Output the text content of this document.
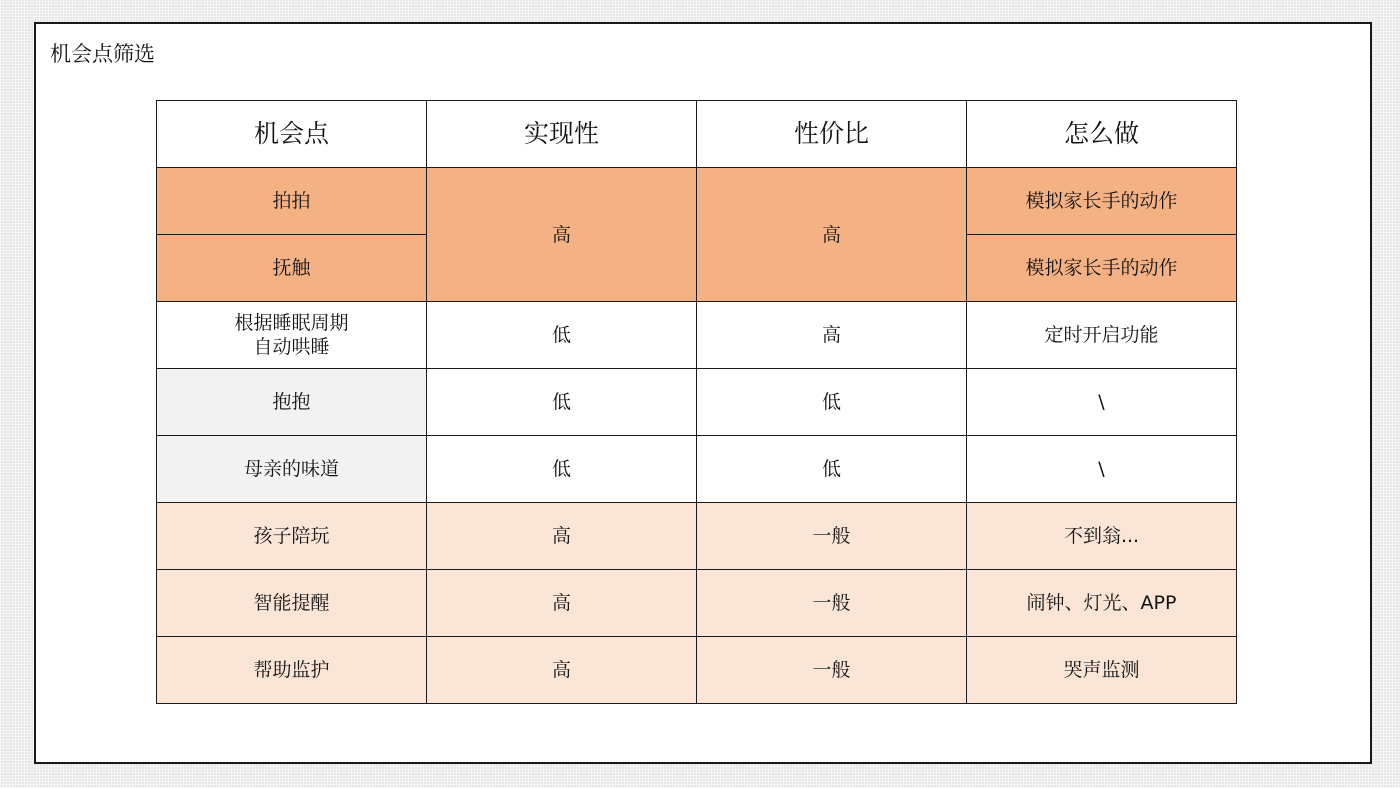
机会点筛选
机会点	实现性	性价比	怎么做
拍拍	高	高	模拟家长手的动作
抚触			模拟家长手的动作

根据睡眠周期
自动哄睡	低	高	定时开启功能
抱抱	低	低	\
母亲的味道	低	低	\
孩子陪玩	高	一般	不到翁...
智能提醒	高	一般	闹钟、灯光、APP
帮助监护	高	一般	哭声监测
